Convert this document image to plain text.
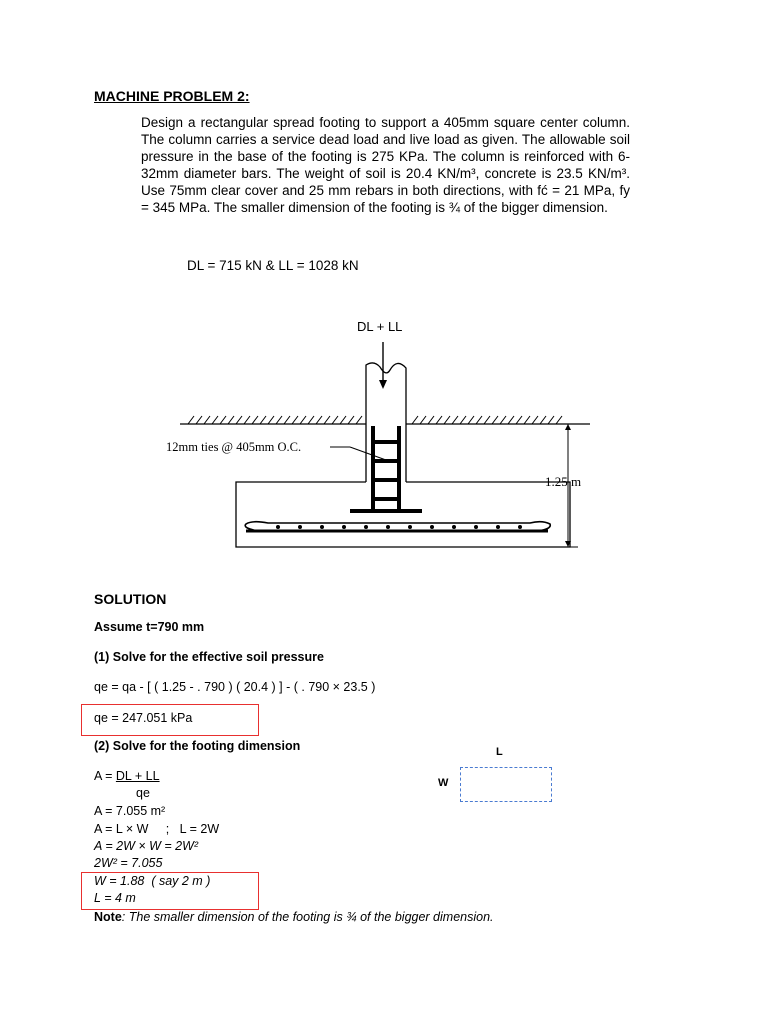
MACHINE PROBLEM 2:
Design a rectangular spread footing to support a 405mm square center column. The column carries a service dead load and live load as given. The allowable soil pressure in the base of the footing is 275 KPa. The column is reinforced with 6-32mm diameter bars. The weight of soil is 20.4 KN/m³, concrete is 23.5 KN/m³. Use 75mm clear cover and 25 mm rebars in both directions, with fć = 21 MPa, fy = 345 MPa. The smaller dimension of the footing is ¾ of the bigger dimension.
DL = 715 kN & LL = 1028 kN
DL + LL
12mm ties @ 405mm O.C.
1.25 m
SOLUTION
Assume t=790 mm
(1) Solve for the effective soil pressure
qe = qa - [ ( 1.25 - . 790 ) ( 20.4 ) ] - ( . 790 × 23.5 )
qe = 247.051 kPa
(2) Solve for the footing dimension
A = DL + LL
qe
A = 7.055 m²
A = L × W     ;   L = 2W
A = 2W × W = 2W²
2W² = 7.055
W = 1.88  ( say 2 m )
L = 4 m
Note: The smaller dimension of the footing is ¾ of the bigger dimension.
L
W
